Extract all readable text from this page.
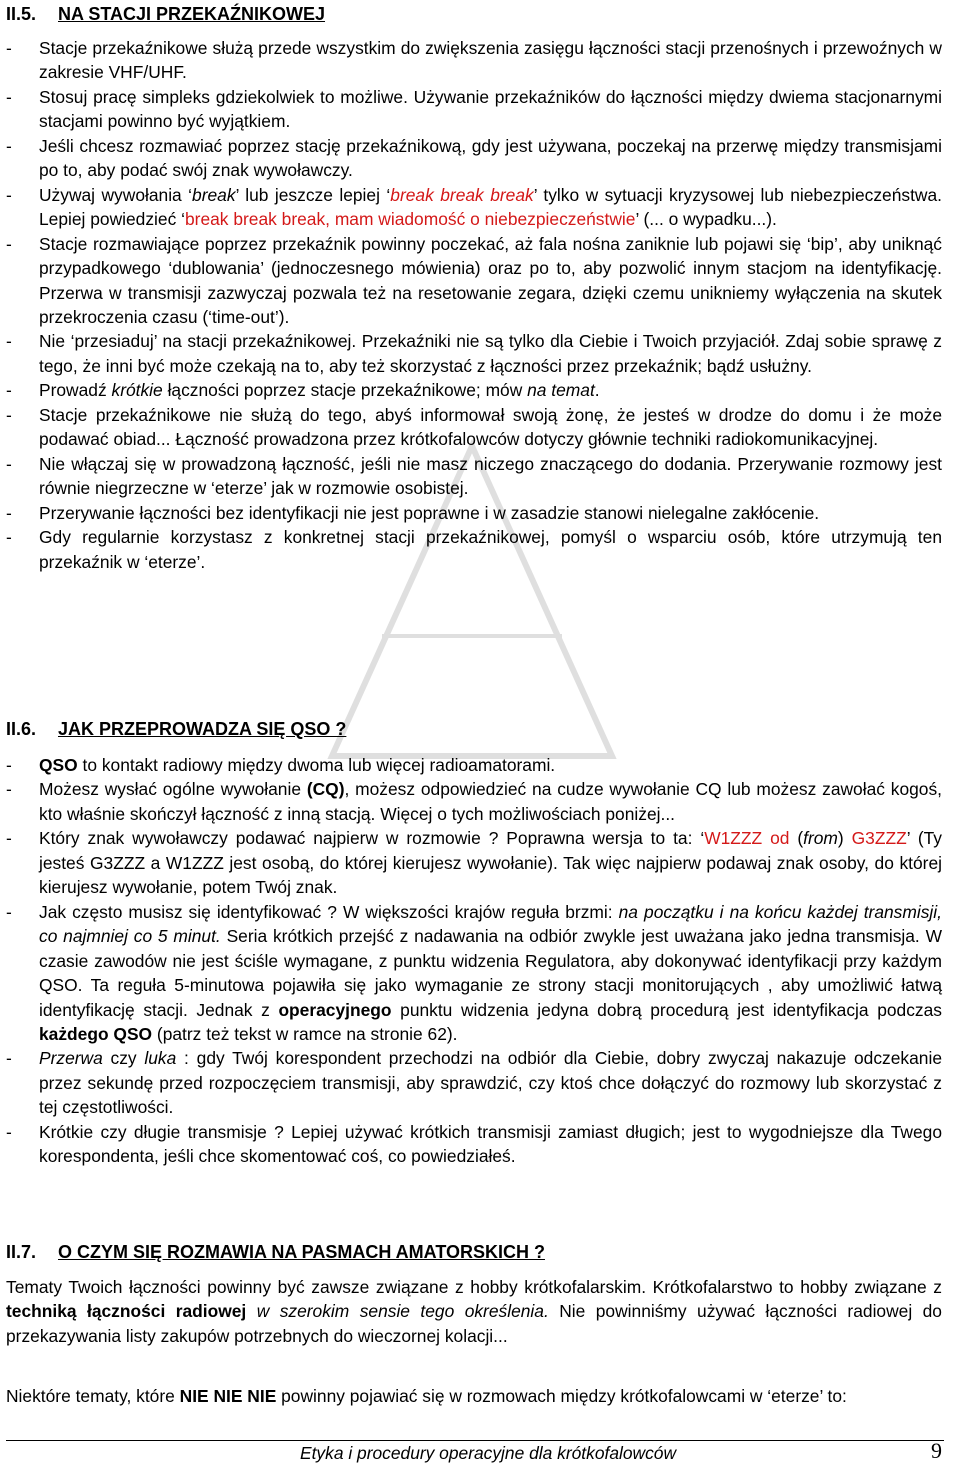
II.5. NA STACJI PRZEKAŹNIKOWEJ
- Stacje przekaźnikowe służą przede wszystkim do zwiększenia zasięgu łączności stacji przenośnych i przewoźnych w zakresie VHF/UHF.
- Stosuj pracę simpleks gdziekolwiek to możliwe. Używanie przekaźników do łączności między dwiema stacjonarnymi stacjami powinno być wyjątkiem.
- Jeśli chcesz rozmawiać poprzez stację przekaźnikową, gdy jest używana, poczekaj na przerwę między transmisjami po to, aby podać swój znak wywoławczy.
- Używaj wywołania ‘break’ lub jeszcze lepiej ‘break break break’ tylko w sytuacji kryzysowej lub niebezpieczeństwa. Lepiej powiedzieć ‘break break break, mam wiadomość o niebezpieczeństwie’ (... o wypadku...).
- Stacje rozmawiające poprzez przekaźnik powinny poczekać, aż fala nośna zaniknie lub pojawi się ‘bip’, aby uniknąć przypadkowego ‘dublowania’ (jednoczesnego mówienia) oraz po to, aby pozwolić innym stacjom na identyfikację. Przerwa w transmisji zazwyczaj pozwala też na resetowanie zegara, dzięki czemu unikniemy wyłączenia na skutek przekroczenia czasu (‘time-out’).
- Nie ‘przesiaduj’ na stacji przekaźnikowej. Przekaźniki nie są tylko dla Ciebie i Twoich przyjaciół. Zdaj sobie sprawę z tego, że inni być może czekają na to, aby też skorzystać z łączności przez przekaźnik; bądź usłużny.
- Prowadź krótkie łączności poprzez stacje przekaźnikowe; mów na temat.
- Stacje przekaźnikowe nie służą do tego, abyś informował swoją żonę, że jesteś w drodze do domu i że może podawać obiad... Łączność prowadzona przez krótkofalowców dotyczy głównie techniki radiokomunikacyjnej.
- Nie włączaj się w prowadzoną łączność, jeśli nie masz niczego znaczącego do dodania. Przerywanie rozmowy jest równie niegrzeczne w ‘eterze’ jak w rozmowie osobistej.
- Przerywanie łączności bez identyfikacji nie jest poprawne i w zasadzie stanowi nielegalne zakłócenie.
- Gdy regularnie korzystasz z konkretnej stacji przekaźnikowej, pomyśl o wsparciu osób, które utrzymują ten przekaźnik w ‘eterze’.
II.6. JAK PRZEPROWADZA SIĘ QSO ?
- QSO to kontakt radiowy między dwoma lub więcej radioamatorami.
- Możesz wysłać ogólne wywołanie (CQ), możesz odpowiedzieć na cudze wywołanie CQ lub możesz zawołać kogoś, kto właśnie skończył łączność z inną stacją. Więcej o tych możliwościach poniżej...
- Który znak wywoławczy podawać najpierw w rozmowie ? Poprawna wersja to ta: ‘W1ZZZ od (from) G3ZZZ’ (Ty jesteś G3ZZZ a W1ZZZ jest osobą, do której kierujesz wywołanie). Tak więc najpierw podawaj znak osoby, do której kierujesz wywołanie, potem Twój znak.
- Jak często musisz się identyfikować ? W większości krajów reguła brzmi: na początku i na końcu każdej transmisji, co najmniej co 5 minut. Seria krótkich przejść z nadawania na odbiór zwykle jest uważana jako jedna transmisja. W czasie zawodów nie jest ściśle wymagane, z punktu widzenia Regulatora, aby dokonywać identyfikacji przy każdym QSO. Ta reguła 5-minutowa pojawiła się jako wymaganie ze strony stacji monitorujących , aby umożliwić łatwą identyfikację stacji. Jednak z operacyjnego punktu widzenia jedyna dobrą procedurą jest identyfikacja podczas każdego QSO (patrz też tekst w ramce na stronie 62).
- Przerwa czy luka : gdy Twój korespondent przechodzi na odbiór dla Ciebie, dobry zwyczaj nakazuje odczekanie przez sekundę przed rozpoczęciem transmisji, aby sprawdzić, czy ktoś chce dołączyć do rozmowy lub skorzystać z tej częstotliwości.
- Krótkie czy długie transmisje ? Lepiej używać krótkich transmisji zamiast długich; jest to wygodniejsze dla Twego korespondenta, jeśli chce skomentować coś, co powiedziałeś.
II.7. O CZYM SIĘ ROZMAWIA NA PASMACH AMATORSKICH ?

Tematy Twoich łączności powinny być zawsze związane z hobby krótkofalarskim. Krótkofalarstwo to hobby związane z techniką łączności radiowej w szerokim sensie tego określenia. Nie powinniśmy używać łączności radiowej do przekazywania listy zakupów potrzebnych do wieczornej kolacji...

Niektóre tematy, które NIE NIE NIE powinny pojawiać się w rozmowach między krótkofalowcami w ‘eterze’ to:

Etyka i procedury operacyjne dla krótkofalowców	9
